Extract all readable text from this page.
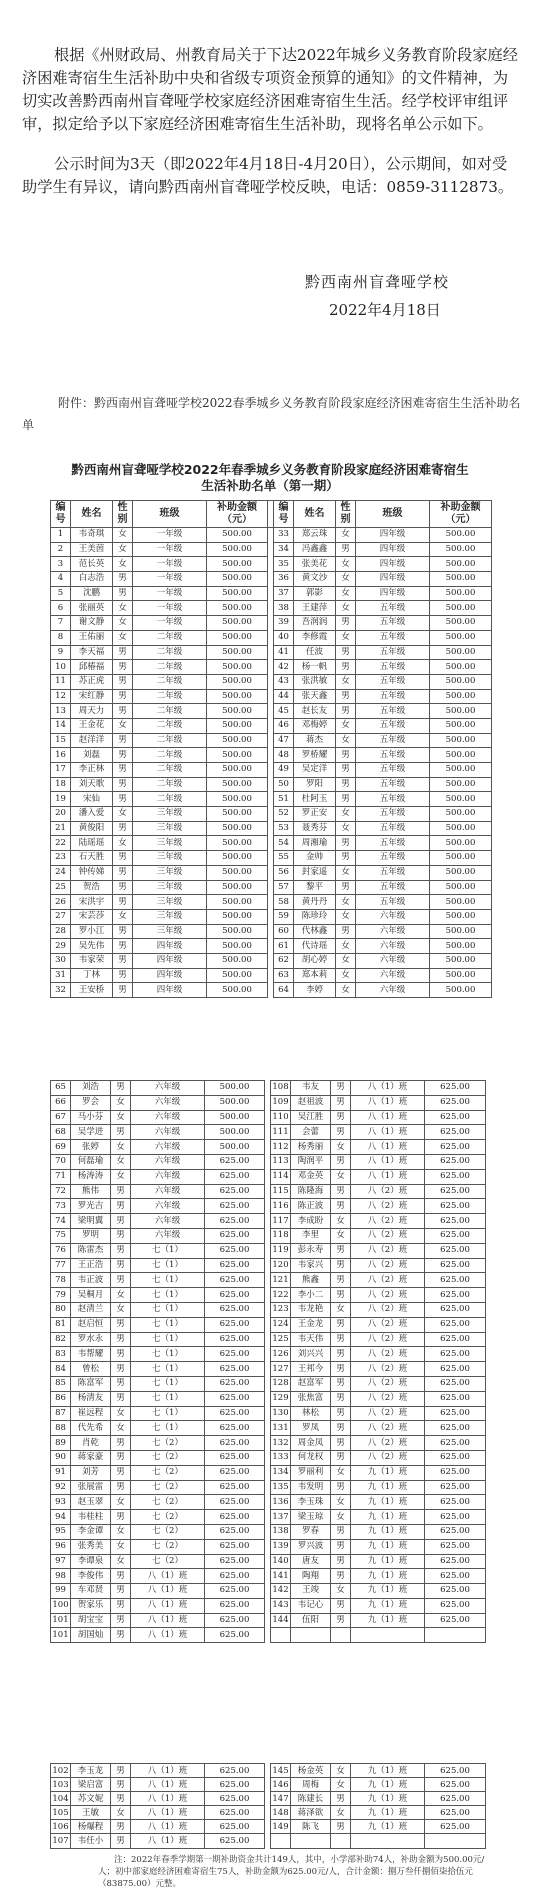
根据《州财政局、州教育局关于下达2022年城乡义务教育阶段家庭经济困难寄宿生生活补助中央和省级专项资金预算的通知》的文件精神，为切实改善黔西南州盲聋哑学校家庭经济困难寄宿生生活。经学校评审组评审，拟定给予以下家庭经济困难寄宿生生活补助，现将名单公示如下。

公示时间为3天（即2022年4月18日-4月20日），公示期间，如对受助学生有异议，请向黔西南州盲聋哑学校反映，电话：0859-3112873。

黔西南州盲聋哑学校
2022年4月18日
附件：黔西南州盲聋哑学校2022春季城乡义务教育阶段家庭经济困难寄宿生生活补助名单
黔西南州盲聋哑学校2022年春季城乡义务教育阶段家庭经济困难寄宿生
生活补助名单（第一期）
编号	姓名	性别	班级	补助金额（元）		编号	姓名	性别	班级	补助金额（元）
1	韦奇琪	女	一年级	500.00		33	郑云珠	女	四年级	500.00
2	王美茵	女	一年级	500.00		34	冯鑫鑫	男	四年级	500.00
3	范长英	女	一年级	500.00		35	张美花	女	四年级	500.00
4	白志浩	男	一年级	500.00		36	黄文沙	女	四年级	500.00
5	沈鹏	男	一年级	500.00		37	郭影	女	四年级	500.00
6	张丽英	女	一年级	500.00		38	王建萍	女	五年级	500.00
7	谢文静	女	一年级	500.00		39	吾润润	男	五年级	500.00
8	王佑丽	女	二年级	500.00		40	李修霞	女	五年级	500.00
9	李天福	男	二年级	500.00		41	任波	男	五年级	500.00
10	邱椿福	男	二年级	500.00		42	杨一帆	男	五年级	500.00
11	苏正虎	男	二年级	500.00		43	张洪敏	女	五年级	500.00
12	宋红静	男	二年级	500.00		44	张天鑫	男	五年级	500.00
13	周天力	男	二年级	500.00		45	赵长友	男	五年级	500.00
14	王金花	女	二年级	500.00		46	邓梅婷	女	五年级	500.00
15	赵洋洋	男	二年级	500.00		47	蒋杰	女	五年级	500.00
16	刘磊	男	二年级	500.00		48	罗桥耀	男	五年级	500.00
17	李正林	男	二年级	500.00		49	吴定洋	男	五年级	500.00
18	刘天歌	男	二年级	500.00		50	罗阳	男	五年级	500.00
19	宋仙	男	二年级	500.00		51	杜阿玉	男	五年级	500.00
20	潘入爱	女	三年级	500.00		52	罗正安	女	五年级	500.00
21	黄俊阳	男	三年级	500.00		53	聂秀芬	女	五年级	500.00
22	陆瑶瑶	女	三年级	500.00		54	周湘瑜	男	五年级	500.00
23	石天胜	男	三年级	500.00		55	金帅	男	五年级	500.00
24	钟传娣	男	三年级	500.00		56	封家遥	女	五年级	500.00
25	贺浩	男	三年级	500.00		57	黎平	男	五年级	500.00
26	宋洪宇	男	三年级	500.00		58	黄丹丹	女	五年级	500.00
27	宋芸莎	女	三年级	500.00		59	陈珍玲	女	六年级	500.00
28	罗小江	男	三年级	500.00		60	代林鑫	男	六年级	500.00
29	吴先伟	男	四年级	500.00		61	代诗瑶	女	六年级	500.00
30	韦家荣	男	四年级	500.00		62	胡心婷	女	六年级	500.00
31	丁林	男	四年级	500.00		63	郑本莉	女	六年级	500.00
32	王安桥	男	四年级	500.00		64	李婷	女	六年级	500.00
65	刘浩	男	六年级	500.00		108	韦友	男	八（1）班	625.00
66	罗会	女	六年级	500.00		109	赵祖波	男	八（1）班	625.00
67	马小芬	女	六年级	500.00		110	吴江胜	男	八（1）班	625.00
68	吴学进	男	六年级	500.00		111	会蕾	男	八（1）班	625.00
69	张婷	女	六年级	500.00		112	杨秀丽	女	八（1）班	625.00
70	何磊瑜	女	六年级	625.00		113	陶润平	男	八（1）班	625.00
71	杨涛涛	女	六年级	625.00		114	邓金英	女	八（1）班	625.00
72	熊伟	男	六年级	625.00		115	陈隆海	男	八（2）班	625.00
73	罗光吉	男	六年级	625.00		116	陈正波	男	八（2）班	625.00
74	梁明翼	男	六年级	625.00		117	李成盼	女	八（2）班	625.00
75	罗明	男	六年级	625.00		118	李里	女	八（2）班	625.00
76	陈雷杰	男	七（1）	625.00		119	彭永寿	男	八（2）班	625.00
77	王正浩	男	七（1）	625.00		120	韦家兴	男	八（2）班	625.00
78	韦正波	男	七（1）	625.00		121	熊鑫	男	八（2）班	625.00
79	吴桐月	女	七（1）	625.00		122	李小二	男	八（2）班	625.00
80	赵清兰	女	七（1）	625.00		123	韦龙艳	女	八（2）班	625.00
81	赵启恒	男	七（1）	625.00		124	王金龙	男	八（2）班	625.00
82	罗水永	男	七（1）	625.00		125	韦天伟	男	八（2）班	625.00
83	韦帮耀	男	七（1）	625.00		126	刘兴兴	男	八（2）班	625.00
84	曾松	男	七（1）	625.00		127	王邦今	男	八（2）班	625.00
85	陈富军	男	七（1）	625.00		128	赵富军	男	八（2）班	625.00
86	杨清友	男	七（1）	625.00		129	张焦富	男	八（2）班	625.00
87	崔远程	女	七（1）	625.00		130	林松	男	八（2）班	625.00
88	代先希	女	七（1）	625.00		131	罗凤	男	八（2）班	625.00
89	肖乾	男	七（2）	625.00		132	周金凤	男	八（2）班	625.00
90	蒋家豪	男	七（2）	625.00		133	何龙权	男	八（2）班	625.00
91	刘芳	男	七（2）	625.00		134	罗丽利	女	九（1）班	625.00
92	张展雷	男	七（2）	625.00		135	韦发明	男	九（1）班	625.00
93	赵玉翠	女	七（2）	625.00		136	李玉珠	女	九（1）班	625.00
94	韦桂柱	男	七（2）	625.00		137	梁玉琼	女	九（1）班	625.00
95	李金谭	女	七（2）	625.00		138	罗春	男	九（1）班	625.00
96	张秀美	女	七（2）	625.00		139	罗兴波	男	九（1）班	625.00
97	李谭泉	女	七（2）	625.00		140	唐友	男	九（1）班	625.00
98	李俊伟	男	八（1）班	625.00		141	陶翔	男	九（1）班	625.00
99	车邓贤	男	八（1）班	625.00		142	王竣	女	九（1）班	625.00
100	贺家乐	男	八（1）班	625.00		143	韦记心	男	九（1）班	625.00
101	胡宝宝	男	八（1）班	625.00		144	伍阳	男	九（1）班	625.00
101	胡国灿	男	八（1）班	625.00						
102	李玉龙	男	八（1）班	625.00		145	杨金英	女	九（1）班	625.00
103	梁启富	男	八（1）班	625.00		146	周梅	女	九（1）班	625.00
104	苏文妮	男	八（1）班	625.00		147	陈建长	男	九（1）班	625.00
105	王敏	女	八（1）班	625.00		148	蒋泽欲	女	九（1）班	625.00
106	杨爆程	男	八（1）班	625.00		149	陈飞	男	九（1）班	625.00
107	韦任小	男	八（1）班	625.00						
注：2022年春季学期第一期补助资金共计149人，其中，小学部补助74人，补助金额为500.00元/人；初中部家庭经济困难寄宿生75人，补助金额为625.00元/人，合计金额：捌万叁仟捌佰柒拾伍元（83875.00）元整。
